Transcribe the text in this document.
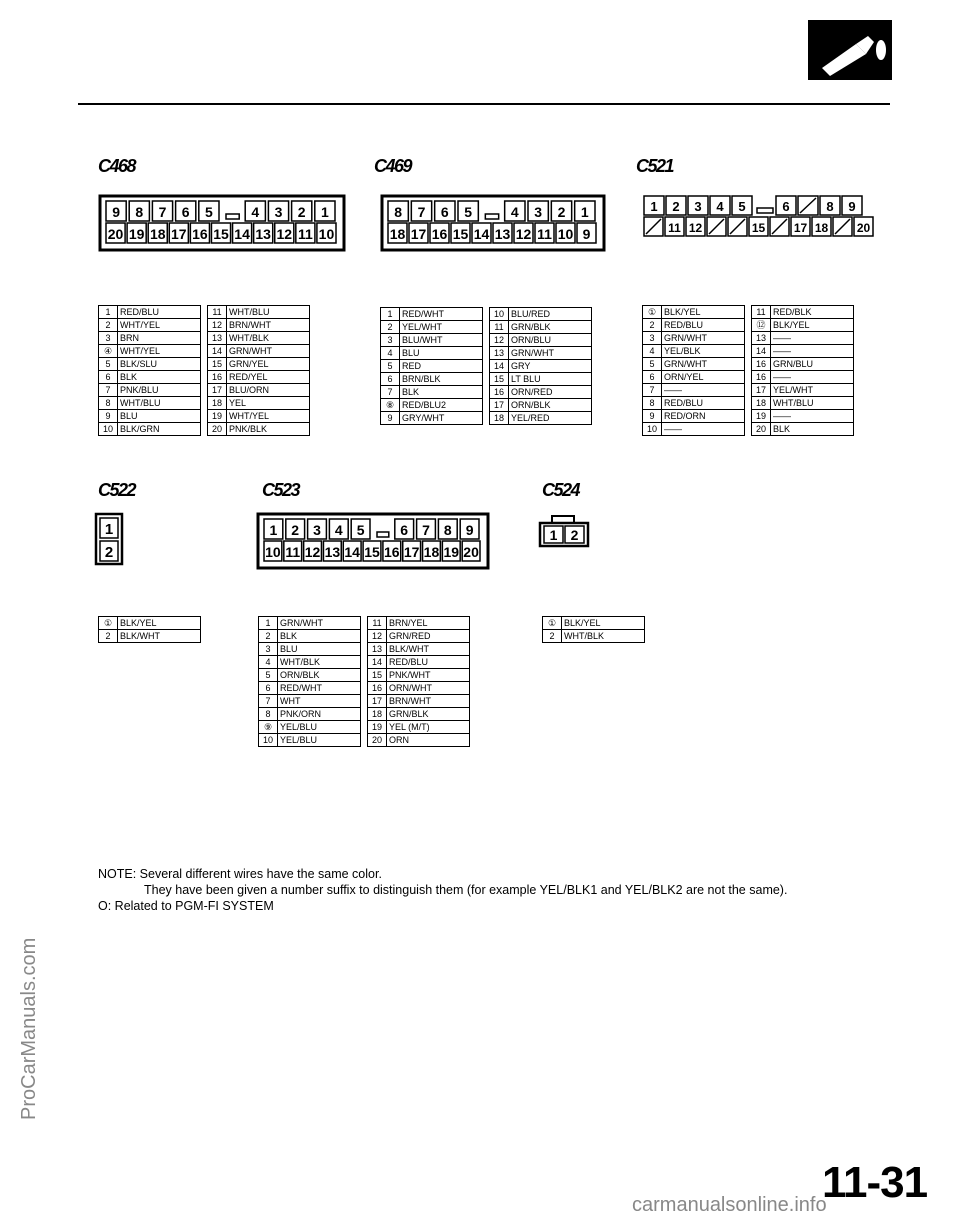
C468	C469	C521
C522	C523	C524
9 8 7 6 5	4 3 2 1
20 19 18 17 16 15 14 13 12 11 10
8 7 6 5	4 3 2 1
18 17 16 15 14 13 12 11 10 9
1 2 3 4 5	6	8 9
11 12	15 17 18 20
1
2
1 2 3 4 5	6 7 8 9
10 11 12 13 14 15 16 17 18 19 20
1 2
1	RED/BLU		11	WHT/BLU
2	WHT/YEL		12	BRN/WHT
3	BRN		13	WHT/BLK
④	WHT/YEL		14	GRN/WHT
5	BLK/SLU		15	GRN/YEL
6	BLK		16	RED/YEL
7	PNK/BLU		17	BLU/ORN
8	WHT/BLU		18	YEL
9	BLU		19	WHT/YEL
10	BLK/GRN		20	PNK/BLK
1	RED/WHT		10	BLU/RED
2	YEL/WHT		11	GRN/BLK
3	BLU/WHT		12	ORN/BLU
4	BLU		13	GRN/WHT
5	RED		14	GRY
6	BRN/BLK		15	LT BLU
7	BLK		16	ORN/RED
⑧	RED/BLU2		17	ORN/BLK
9	GRY/WHT		18	YEL/RED
①	BLK/YEL		11	RED/BLK
2	RED/BLU		⑫	BLK/YEL
3	GRN/WHT		13	——
4	YEL/BLK		14	——
5	GRN/WHT		16	GRN/BLU
6	ORN/YEL		16	——
7	——		17	YEL/WHT
8	RED/BLU		18	WHT/BLU
9	RED/ORN		19	——
10	——		20	BLK
①	BLK/YEL
2	BLK/WHT
1	GRN/WHT		11	BRN/YEL
2	BLK		12	GRN/RED
3	BLU		13	BLK/WHT
4	WHT/BLK		14	RED/BLU
5	ORN/BLK		15	PNK/WHT
6	RED/WHT		16	ORN/WHT
7	WHT		17	BRN/WHT
8	PNK/ORN		18	GRN/BLK
⑨	YEL/BLU		19	YEL (M/T)
10	YEL/BLU		20	ORN
①	BLK/YEL
2	WHT/BLK
NOTE: Several different wires have the same color.
They have been given a number suffix to distinguish them (for example YEL/BLK1 and YEL/BLK2 are not the same).
O: Related to PGM-FI SYSTEM
11-31
ProCarManuals.com
carmanualsonline.info
